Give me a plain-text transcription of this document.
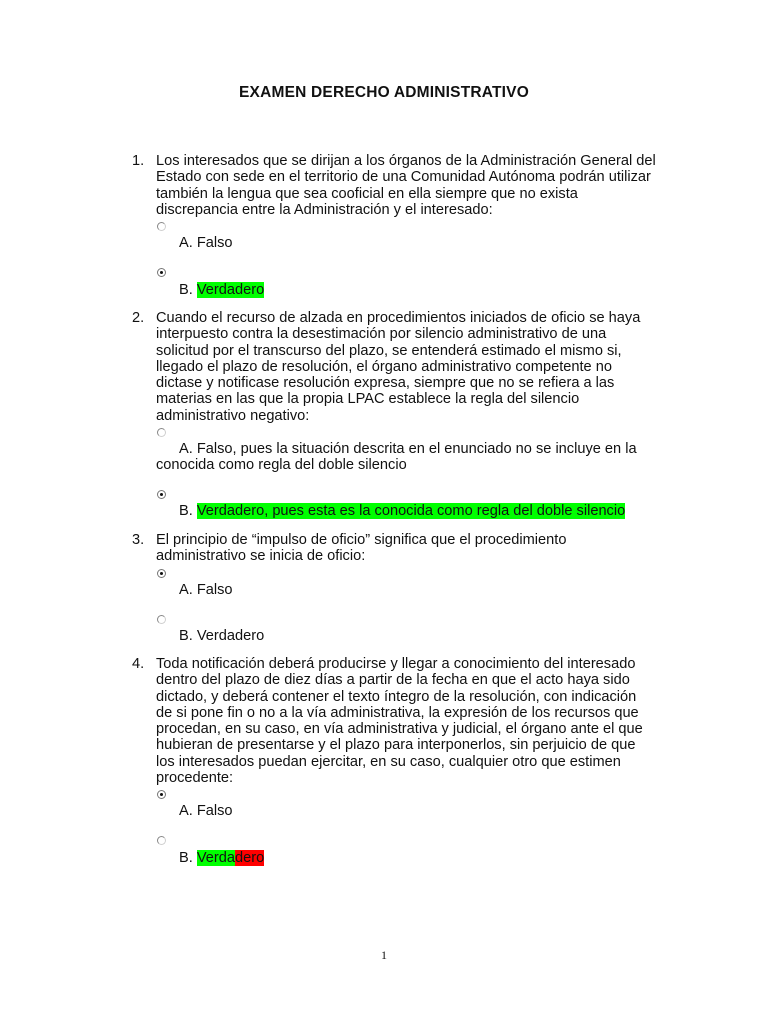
EXAMEN DERECHO ADMINISTRATIVO
1. Los interesados que se dirijan a los órganos de la Administración General del Estado con sede en el territorio de una Comunidad Autónoma podrán utilizar también la lengua que sea cooficial en ella siempre que no exista discrepancia entre la Administración y el interesado:

A. Falso

B. Verdadero

2. Cuando el recurso de alzada en procedimientos iniciados de oficio se haya interpuesto contra la desestimación por silencio administrativo de una solicitud por el transcurso del plazo, se entenderá estimado el mismo si, llegado el plazo de resolución, el órgano administrativo competente no dictase y notificase resolución expresa, siempre que no se refiera a las materias en las que la propia LPAC establece la regla del silencio administrativo negativo:

A. Falso, pues la situación descrita en el enunciado no se incluye en la conocida como regla del doble silencio

B. Verdadero, pues esta es la conocida como regla del doble silencio

3. El principio de “impulso de oficio” significa que el procedimiento administrativo se inicia de oficio:

A. Falso

B. Verdadero

4. Toda notificación deberá producirse y llegar a conocimiento del interesado dentro del plazo de diez días a partir de la fecha en que el acto haya sido dictado, y deberá contener el texto íntegro de la resolución, con indicación de si pone fin o no a la vía administrativa, la expresión de los recursos que procedan, en su caso, en vía administrativa y judicial, el órgano ante el que hubieran de presentarse y el plazo para interponerlos, sin perjuicio de que los interesados puedan ejercitar, en su caso, cualquier otro que estimen procedente:

A. Falso

B. Verdadero

1
